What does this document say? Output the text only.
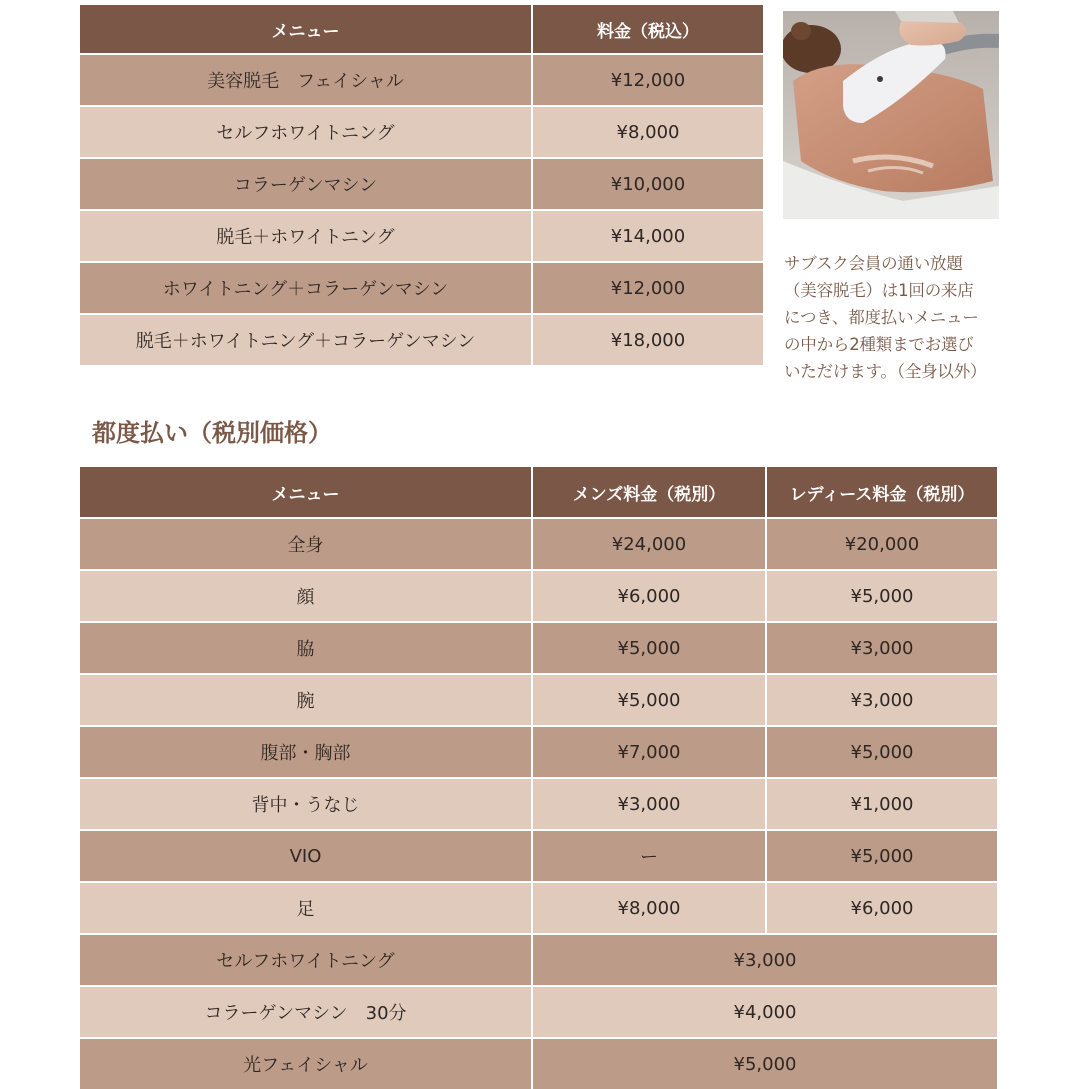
メニュー	料金（税込）
美容脱毛　フェイシャル	¥12,000
セルフホワイトニング	¥8,000
コラーゲンマシン	¥10,000
脱毛＋ホワイトニング	¥14,000
ホワイトニング＋コラーゲンマシン	¥12,000
脱毛＋ホワイトニング＋コラーゲンマシン	¥18,000
サブスク会員の通い放題
（美容脱毛）は1回の来店
につき、都度払いメニュー
の中から2種類までお選び
いただけます。（全身以外）
都度払い（税別価格）
メニュー	メンズ料金（税別）	レディース料金（税別）
全身	¥24,000	¥20,000
顔	¥6,000	¥5,000
脇	¥5,000	¥3,000
腕	¥5,000	¥3,000
腹部・胸部	¥7,000	¥5,000
背中・うなじ	¥3,000	¥1,000
VIO	ー	¥5,000
足	¥8,000	¥6,000
セルフホワイトニング	¥3,000
コラーゲンマシン　30分	¥4,000
光フェイシャル	¥5,000
